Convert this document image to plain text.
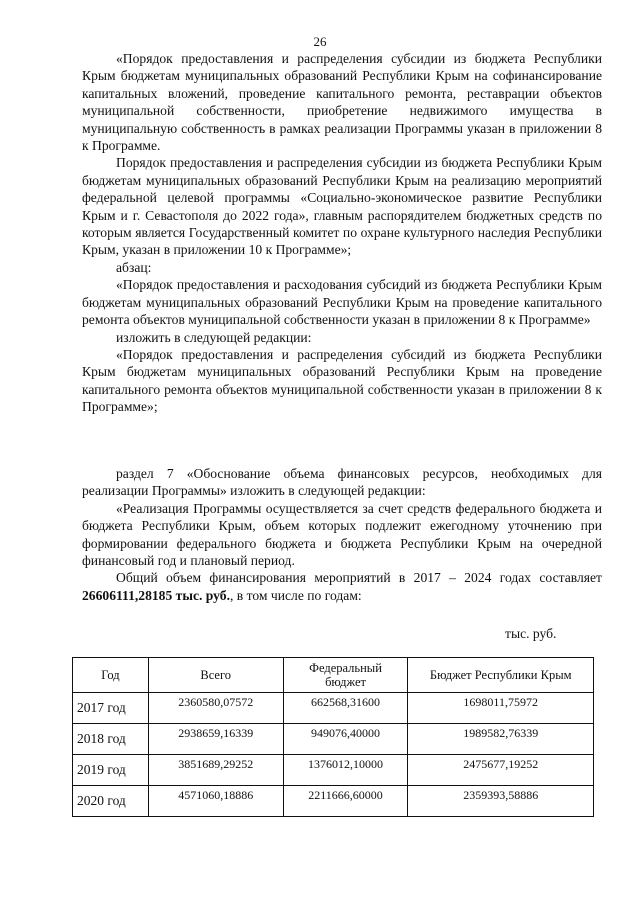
26

«Порядок предоставления и распределения субсидии из бюджета Республики Крым бюджетам муниципальных образований Республики Крым на софинансирование капитальных вложений, проведение капитального ремонта, реставрации объектов муниципальной собственности, приобретение недвижимого имущества в муниципальную собственность в рамках реализации Программы указан в приложении 8 к Программе.

Порядок предоставления и распределения субсидии из бюджета Республики Крым бюджетам муниципальных образований Республики Крым на реализацию мероприятий федеральной целевой программы «Социально-экономическое развитие Республики Крым и г. Севастополя до 2022 года», главным распорядителем бюджетных средств по которым является Государственный комитет по охране культурного наследия Республики Крым, указан в приложении 10 к Программе»;

абзац:

«Порядок предоставления и расходования субсидий из бюджета Республики Крым бюджетам муниципальных образований Республики Крым на проведение капитального ремонта объектов муниципальной собственности указан в приложении 8 к Программе»

изложить в следующей редакции:

«Порядок предоставления и распределения субсидий из бюджета Республики Крым бюджетам муниципальных образований Республики Крым на проведение капитального ремонта объектов муниципальной собственности указан в приложении 8 к Программе»;

раздел 7 «Обоснование объема финансовых ресурсов, необходимых для реализации Программы» изложить в следующей редакции:

«Реализация Программы осуществляется за счет средств федерального бюджета и бюджета Республики Крым, объем которых подлежит ежегодному уточнению при формировании федерального бюджета и бюджета Республики Крым на очередной финансовый год и плановый период.

Общий объем финансирования мероприятий в 2017 – 2024 годах составляет 26606111,28185 тыс. руб., в том числе по годам:

тыс. руб.
Год	Всего	Федеральный бюджет	Бюджет Республики Крым
2017 год	2360580,07572	662568,31600	1698011,75972
2018 год	2938659,16339	949076,40000	1989582,76339
2019 год	3851689,29252	1376012,10000	2475677,19252
2020 год	4571060,18886	2211666,60000	2359393,58886
